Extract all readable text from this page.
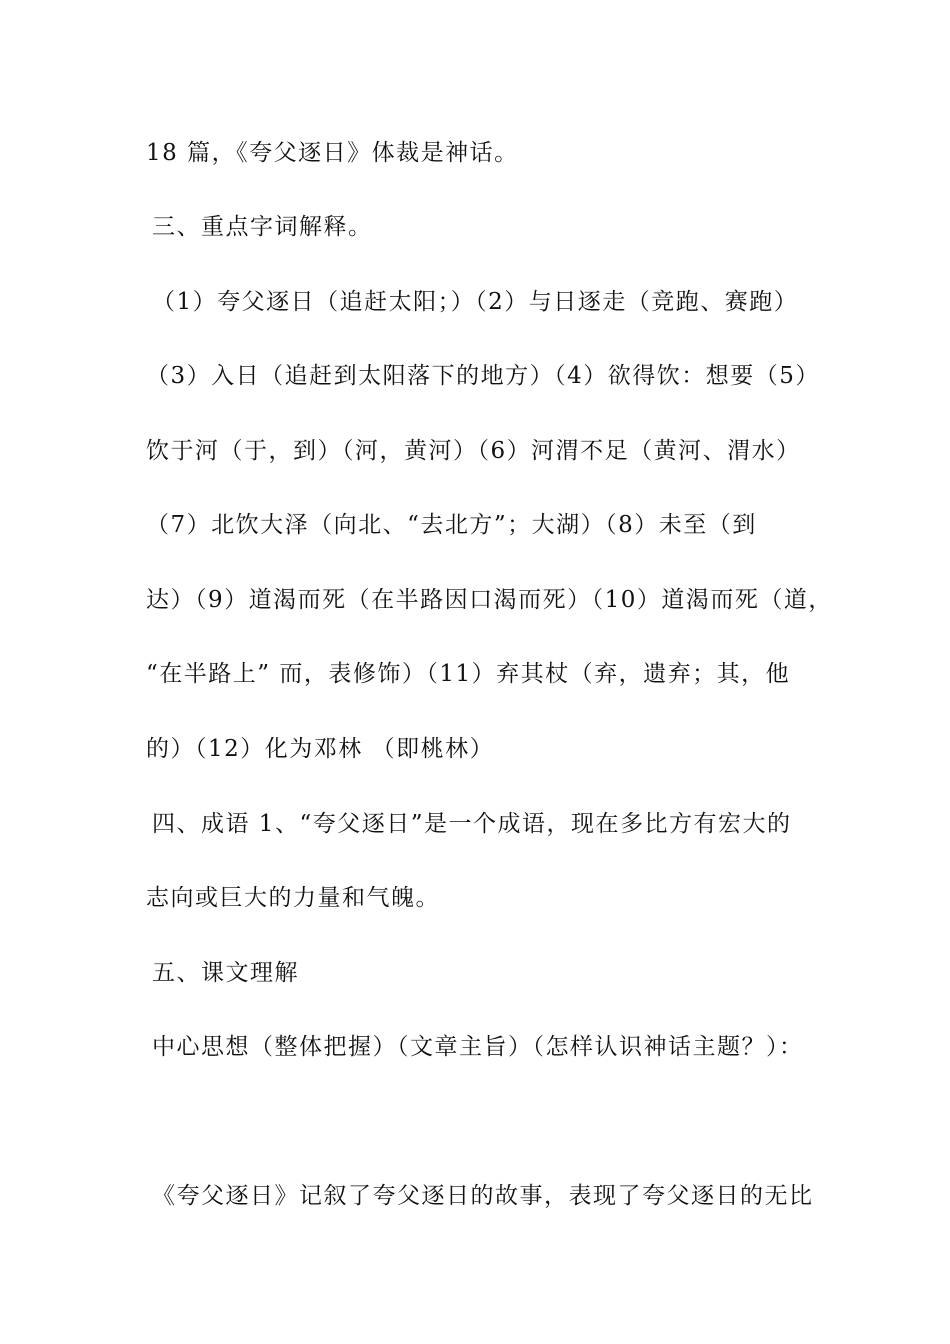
18 篇，《夸父逐日》体裁是神话。
三、重点字词解释。
（1）夸父逐日（追赶太阳；）（2）与日逐走（竞跑、赛跑）
（3）入日（追赶到太阳落下的地方）（4）欲得饮：想要（5）
饮于河（于，到）（河，黄河）（6）河渭不足（黄河、渭水）
（7）北饮大泽（向北、“去北方”；大湖）（8）未至（到
达）（9）道渴而死（在半路因口渴而死）（10）道渴而死（道，
“在半路上” 而，表修饰）（11）弃其杖（弃，遗弃；其，他
的）（12）化为邓林 （即桃林）
四、成语 1、“夸父逐日”是一个成语，现在多比方有宏大的
志向或巨大的力量和气魄。
五、课文理解
中心思想（整体把握）（文章主旨）（怎样认识神话主题？）：
《夸父逐日》记叙了夸父逐日的故事，表现了夸父逐日的无比
